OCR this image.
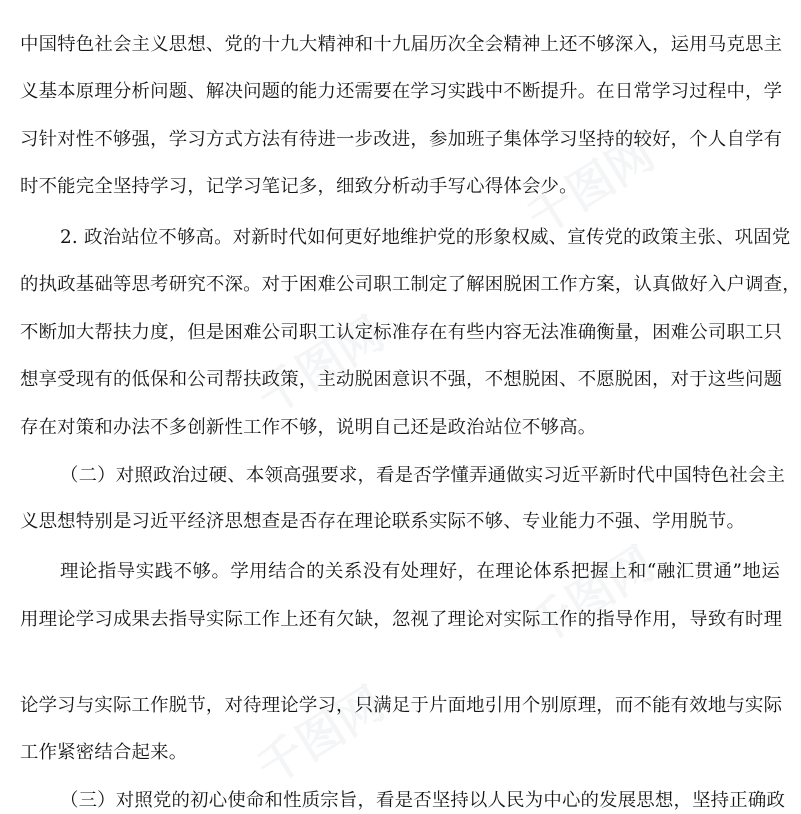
千图网
千图网
千图网
千图网
中国特色社会主义思想、党的十九大精神和十九届历次全会精神上还不够深入，运用马克思主
义基本原理分析问题、解决问题的能力还需要在学习实践中不断提升。在日常学习过程中，学
习针对性不够强，学习方式方法有待进一步改进，参加班子集体学习坚持的较好，个人自学有
时不能完全坚持学习，记学习笔记多，细致分析动手写心得体会少。
2. 政治站位不够高。对新时代如何更好地维护党的形象权威、宣传党的政策主张、巩固党
的执政基础等思考研究不深。对于困难公司职工制定了解困脱困工作方案，认真做好入户调查，
不断加大帮扶力度，但是困难公司职工认定标准存在有些内容无法准确衡量，困难公司职工只
想享受现有的低保和公司帮扶政策，主动脱困意识不强，不想脱困、不愿脱困，对于这些问题
存在对策和办法不多创新性工作不够，说明自己还是政治站位不够高。
（二）对照政治过硬、本领高强要求，看是否学懂弄通做实习近平新时代中国特色社会主
义思想特别是习近平经济思想查是否存在理论联系实际不够、专业能力不强、学用脱节。
理论指导实践不够。学用结合的关系没有处理好，在理论体系把握上和“融汇贯通”地运
用理论学习成果去指导实际工作上还有欠缺，忽视了理论对实际工作的指导作用，导致有时理
论学习与实际工作脱节，对待理论学习，只满足于片面地引用个别原理，而不能有效地与实际
工作紧密结合起来。
（三）对照党的初心使命和性质宗旨，看是否坚持以人民为中心的发展思想，坚持正确政
